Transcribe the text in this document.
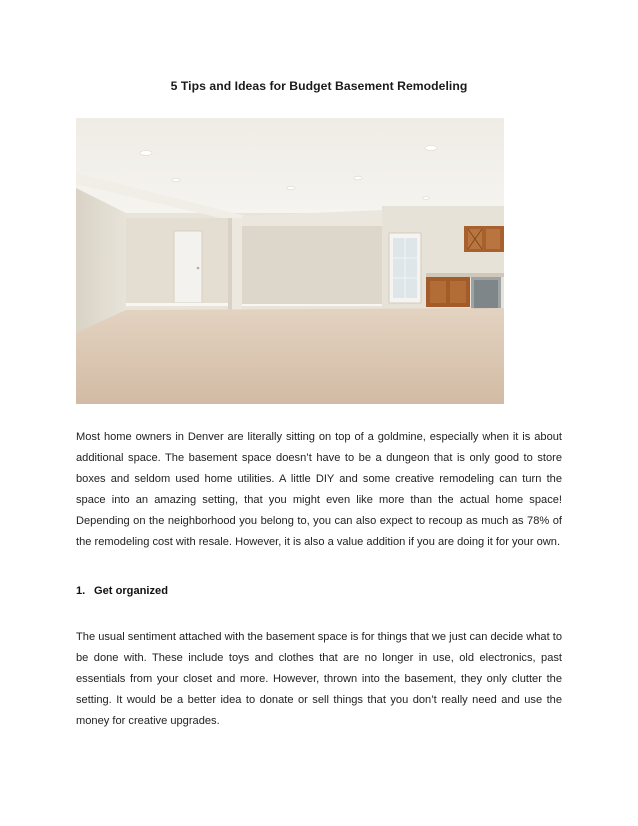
5 Tips and Ideas for Budget Basement Remodeling

Most home owners in Denver are literally sitting on top of a goldmine, especially when it is about additional space. The basement space doesn’t have to be a dungeon that is only good to store boxes and seldom used home utilities. A little DIY and some creative remodeling can turn the space into an amazing setting, that you might even like more than the actual home space! Depending on the neighborhood you belong to, you can also expect to recoup as much as 78% of the remodeling cost with resale. However, it is also a value addition if you are doing it for your own.

1. Get organized

The usual sentiment attached with the basement space is for things that we just can decide what to be done with. These include toys and clothes that are no longer in use, old electronics, past essentials from your closet and more. However, thrown into the basement, they only clutter the setting. It would be a better idea to donate or sell things that you don’t really need and use the money for creative upgrades.
